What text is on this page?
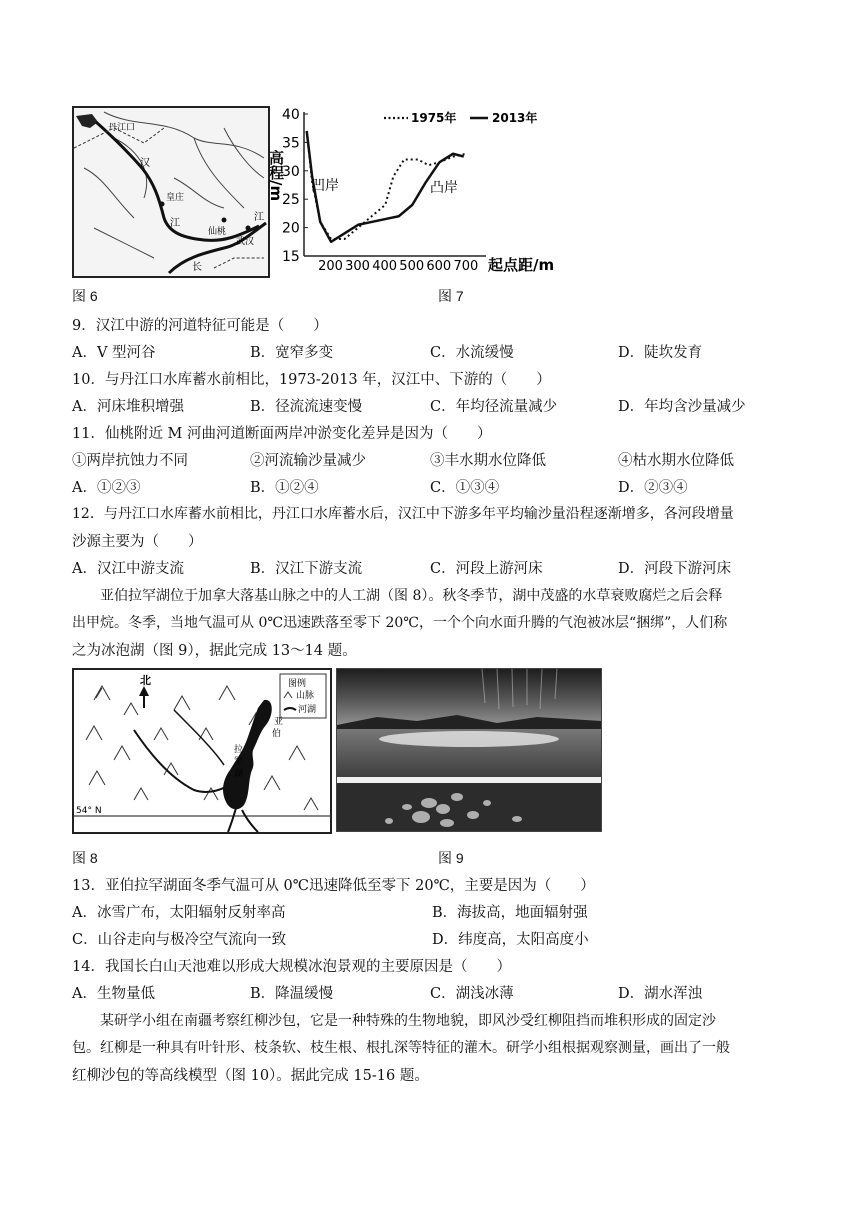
丹江口
汉
皇庄
江
仙桃
江
武汉
长
图 6
高程/m
40
35
30
25
20
15
200 300 400 500 600 700 起点距/m
1975年	2013年
凹岸	凸岸
图 7
9．汉江中游的河道特征可能是（　　）
A．V 型河谷	B．宽窄多变	C．水流缓慢	D．陡坎发育
10．与丹江口水库蓄水前相比，1973-2013 年，汉江中、下游的（　　）
A．河床堆积增强	B．径流流速变慢	C．年均径流量减少	D．年均含沙量减少
11．仙桃附近 M 河曲河道断面两岸冲淤变化差异是因为（　　）
①两岸抗蚀力不同	②河流输沙量减少	③丰水期水位降低	④枯水期水位降低
A．①②③	B．①②④	C．①③④	D．②③④
12．与丹江口水库蓄水前相比，丹江口水库蓄水后，汉江中下游多年平均输沙量沿程逐渐增多，各河段增量
沙源主要为（　　）
A．汉江中游支流	B．汉江下游支流	C．河段上游河床	D．河段下游河床
亚伯拉罕湖位于加拿大落基山脉之中的人工湖（图 8）。秋冬季节，湖中茂盛的水草衰败腐烂之后会释
出甲烷。冬季，当地气温可从 0℃迅速跌落至零下 20℃，一个个向水面升腾的气泡被冰层“捆绑”，人们称
之为冰泡湖（图 9），据此完成 13～14 题。
北	图例
山脉
河湖
亚
伯
拉
罕
湖
54° N
图 8	图 9
13．亚伯拉罕湖面冬季气温可从 0℃迅速降低至零下 20℃，主要是因为（　　）
A．冰雪广布，太阳辐射反射率高	B．海拔高，地面辐射强
C．山谷走向与极冷空气流向一致	D．纬度高，太阳高度小
14．我国长白山天池难以形成大规模冰泡景观的主要原因是（　　）
A．生物量低	B．降温缓慢	C．湖浅冰薄	D．湖水浑浊
某研学小组在南疆考察红柳沙包，它是一种特殊的生物地貌，即风沙受红柳阻挡而堆积形成的固定沙
包。红柳是一种具有叶针形、枝条软、枝生根、根扎深等特征的灌木。研学小组根据观察测量，画出了一般
红柳沙包的等高线模型（图 10）。据此完成 15-16 题。
